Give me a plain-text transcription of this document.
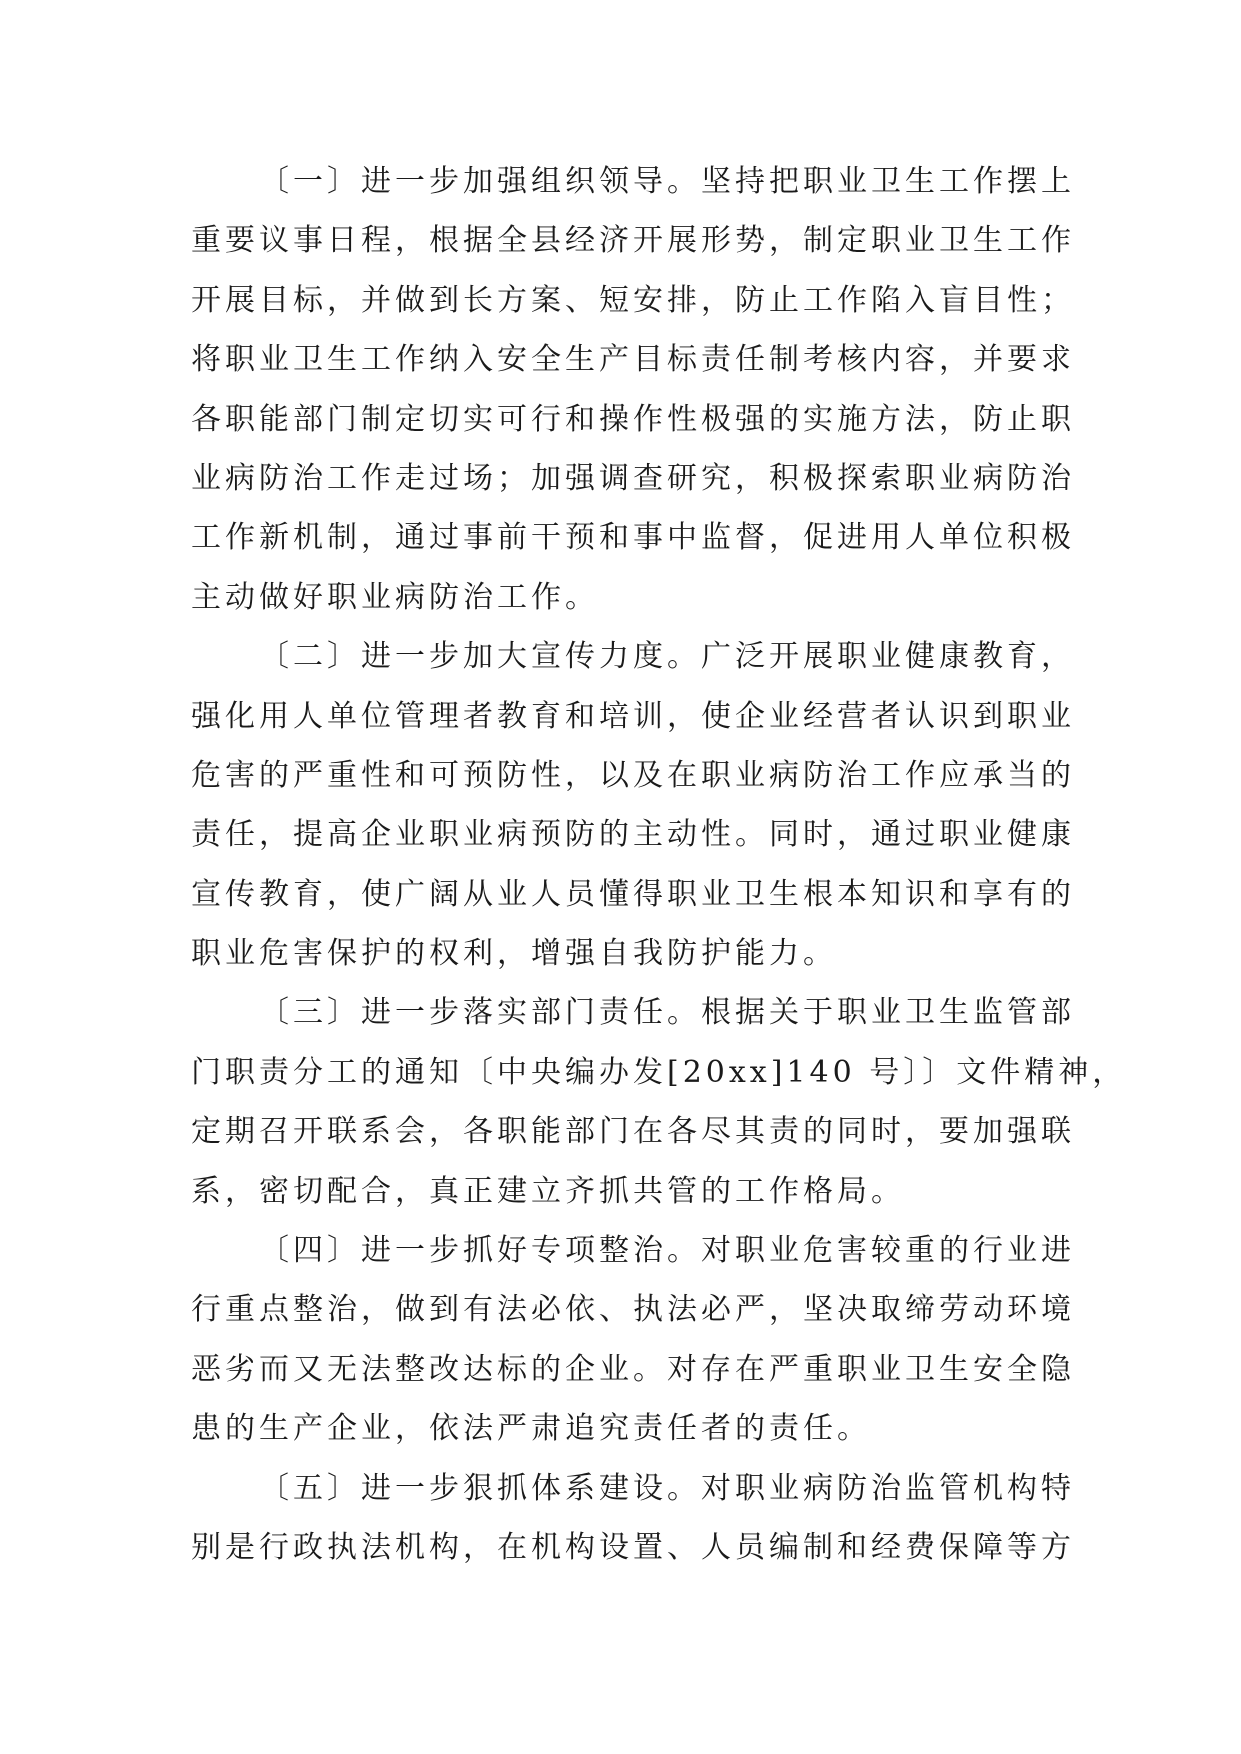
〔一〕进一步加强组织领导。坚持把职业卫生工作摆上
重要议事日程，根据全县经济开展形势，制定职业卫生工作
开展目标，并做到长方案、短安排，防止工作陷入盲目性；
将职业卫生工作纳入安全生产目标责任制考核内容，并要求
各职能部门制定切实可行和操作性极强的实施方法，防止职
业病防治工作走过场；加强调查研究，积极探索职业病防治
工作新机制，通过事前干预和事中监督，促进用人单位积极
主动做好职业病防治工作。

〔二〕进一步加大宣传力度。广泛开展职业健康教育，
强化用人单位管理者教育和培训，使企业经营者认识到职业
危害的严重性和可预防性，以及在职业病防治工作应承当的
责任，提高企业职业病预防的主动性。同时，通过职业健康
宣传教育，使广阔从业人员懂得职业卫生根本知识和享有的
职业危害保护的权利，增强自我防护能力。

〔三〕进一步落实部门责任。根据关于职业卫生监管部
门职责分工的通知〔中央编办发[20xx]140 号〕〕文件精神，
定期召开联系会，各职能部门在各尽其责的同时，要加强联
系，密切配合，真正建立齐抓共管的工作格局。

〔四〕进一步抓好专项整治。对职业危害较重的行业进
行重点整治，做到有法必依、执法必严，坚决取缔劳动环境
恶劣而又无法整改达标的企业。对存在严重职业卫生安全隐
患的生产企业，依法严肃追究责任者的责任。

〔五〕进一步狠抓体系建设。对职业病防治监管机构特
别是行政执法机构，在机构设置、人员编制和经费保障等方
